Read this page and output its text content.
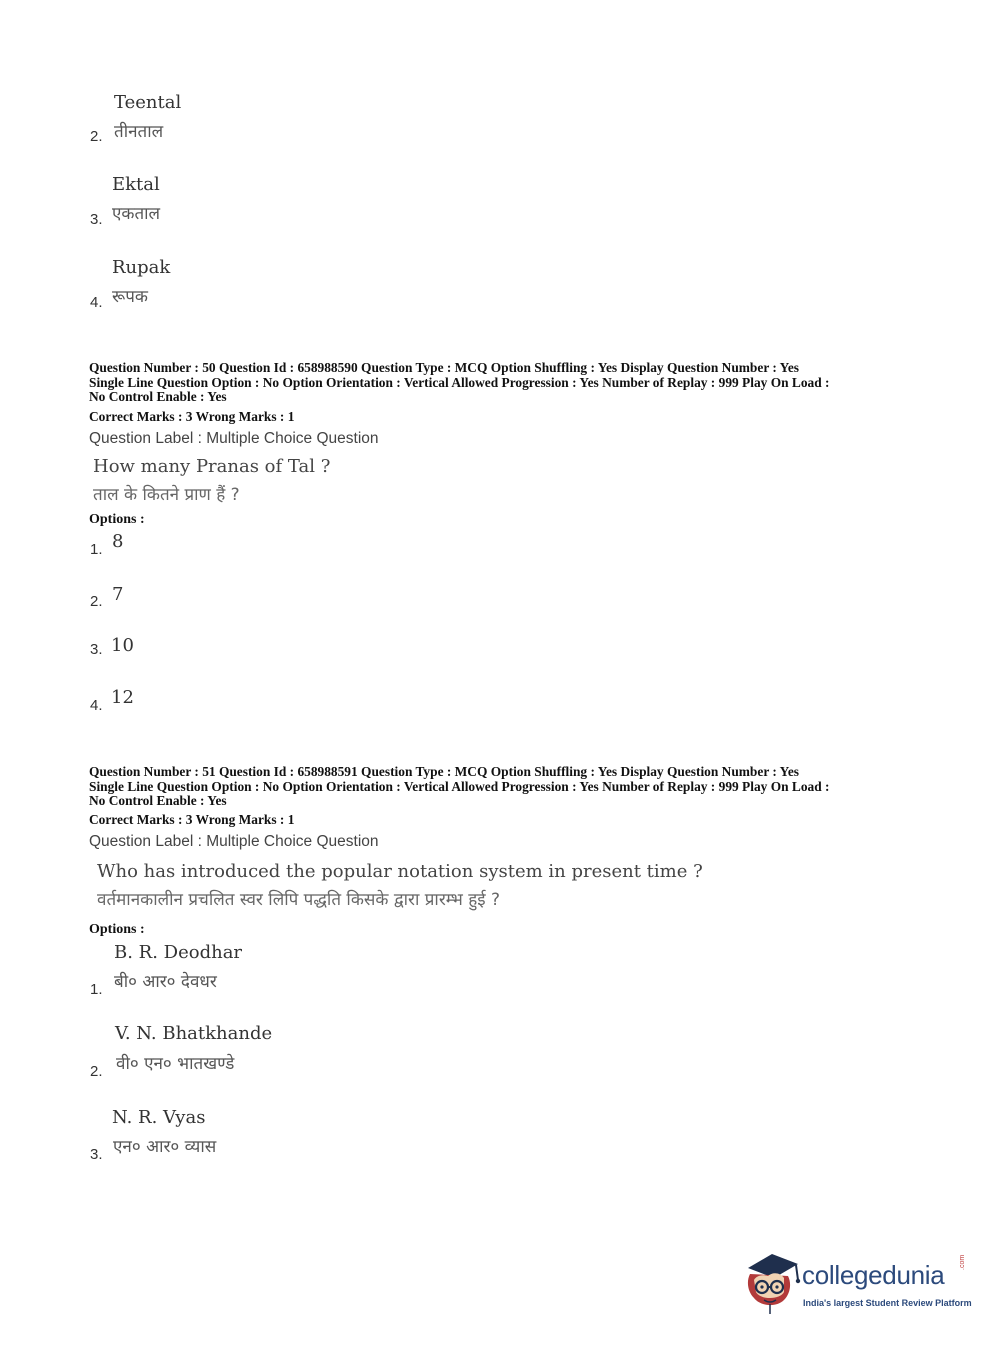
Teental
2. तीनताल
Ektal
3. एकताल
Rupak
4. रूपक
Question Number : 50 Question Id : 658988590 Question Type : MCQ Option Shuffling : Yes Display Question Number : Yes
Single Line Question Option : No Option Orientation : Vertical Allowed Progression : Yes Number of Replay : 999 Play On Load :
No Control Enable : Yes
Correct Marks : 3 Wrong Marks : 1
Question Label : Multiple Choice Question
How many Pranas of Tal ?
ताल के कितने प्राण हैं ?
Options :
1. 8
2. 7
3. 10
4. 12
Question Number : 51 Question Id : 658988591 Question Type : MCQ Option Shuffling : Yes Display Question Number : Yes
Single Line Question Option : No Option Orientation : Vertical Allowed Progression : Yes Number of Replay : 999 Play On Load :
No Control Enable : Yes
Correct Marks : 3 Wrong Marks : 1
Question Label : Multiple Choice Question
Who has introduced the popular notation system in present time ?
वर्तमानकालीन प्रचलित स्वर लिपि पद्धति किसके द्वारा प्रारम्भ हुई ?
Options :
B. R. Deodhar
1. बी० आर० देवधर
V. N. Bhatkhande
2. वी० एन० भातखण्डे
N. R. Vyas
3. एन० आर० व्यास
collegedunia .com
India's largest Student Review Platform
